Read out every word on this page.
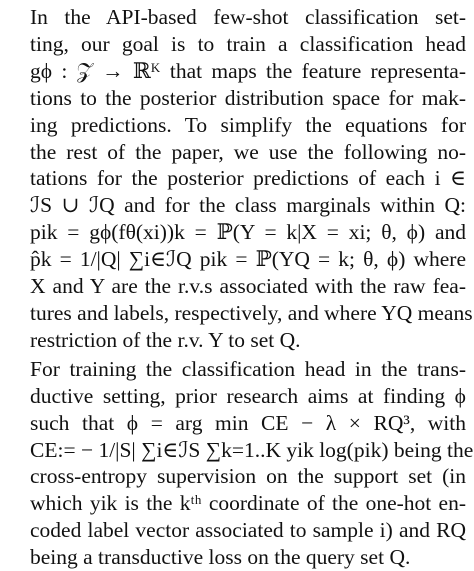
In the API-based few-shot classification set-
ting, our goal is to train a classification head
gϕ : 𝒵 → ℝᴷ that maps the feature representa-
tions to the posterior distribution space for mak-
ing predictions. To simplify the equations for
the rest of the paper, we use the following no-
tations for the posterior predictions of each i ∈
ℐS ∪ ℐQ and for the class marginals within Q:
pik = gϕ(fθ(xi))k = ℙ(Y = k|X = xi; θ, ϕ) and
p̂k = 1/|Q| ∑i∈ℐQ pik = ℙ(YQ = k; θ, ϕ) where
X and Y are the r.v.s associated with the raw fea-
tures and labels, respectively, and where YQ means
restriction of the r.v. Y to set Q.
For training the classification head in the trans-
ductive setting, prior research aims at finding ϕ
such that ϕ = arg min CE − λ × RQ³, with
CE:= − 1/|S| ∑i∈ℐS ∑k=1..K yik log(pik) being the
cross-entropy supervision on the support set (in
which yik is the kᵗʰ coordinate of the one-hot en-
coded label vector associated to sample i) and RQ
being a transductive loss on the query set Q.
